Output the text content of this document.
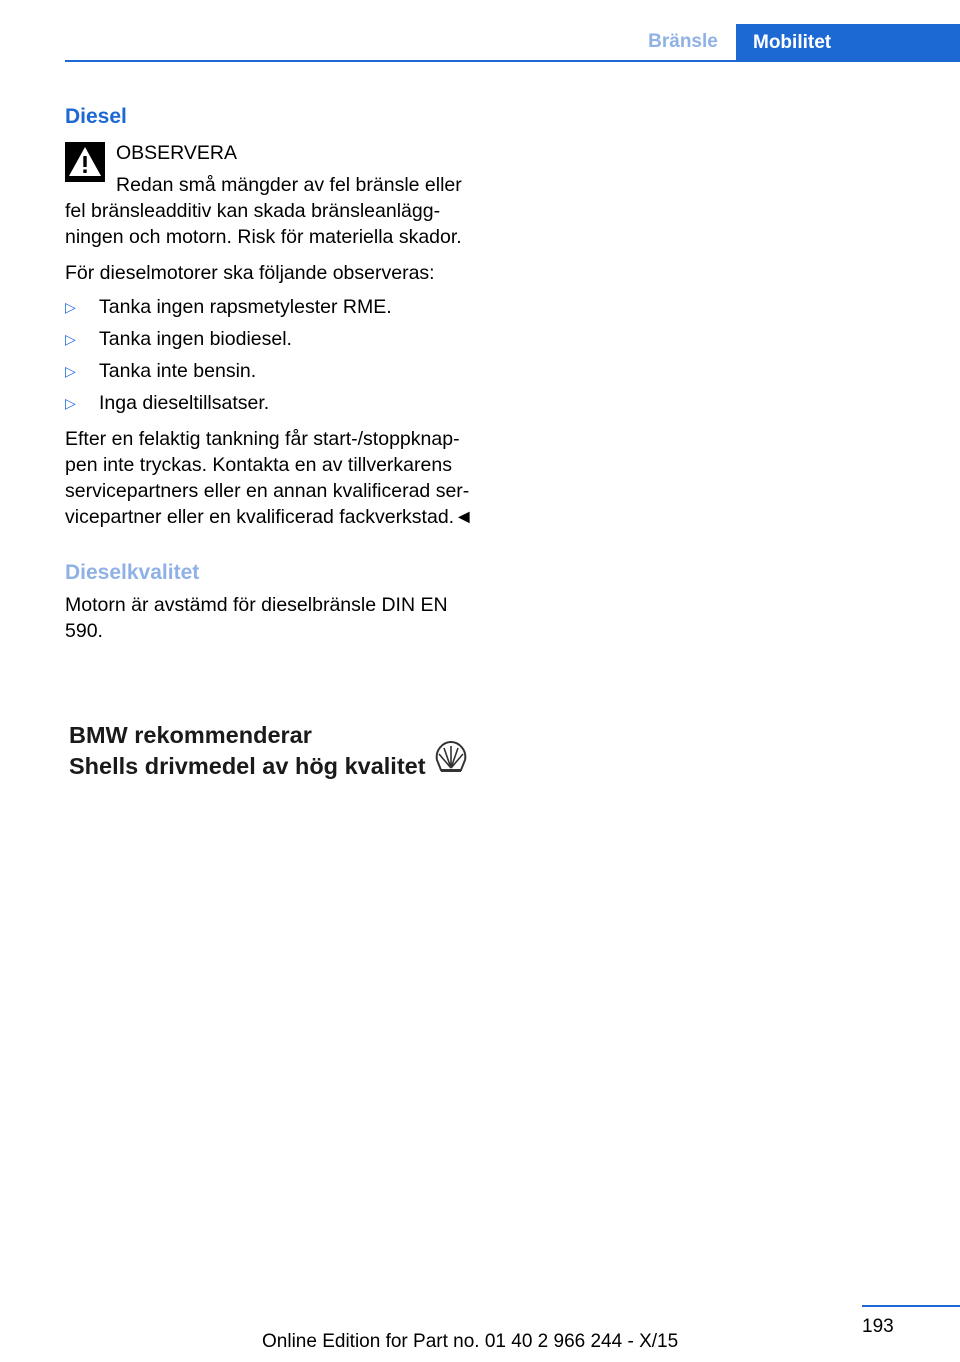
Bränsle	Mobilitet
Diesel

OBSERVERA

Redan små mängder av fel bränsle eller fel bränsleadditiv kan skada bränsleanläggningen och motorn. Risk för materiella skador.

För dieselmotorer ska följande observeras:

▷ Tanka ingen rapsmetylester RME.
▷ Tanka ingen biodiesel.
▷ Tanka inte bensin.
▷ Inga dieseltillsatser.

Efter en felaktig tankning får start-/stoppknappen inte tryckas. Kontakta en av tillverkarens servicepartners eller en annan kvalificerad servicepartner eller en kvalificerad fackverkstad.◄

Dieselkvalitet

Motorn är avstämd för dieselbränsle DIN EN 590.

BMW rekommenderar
Shells drivmedel av hög kvalitet
193
Online Edition for Part no. 01 40 2 966 244 - X/15
